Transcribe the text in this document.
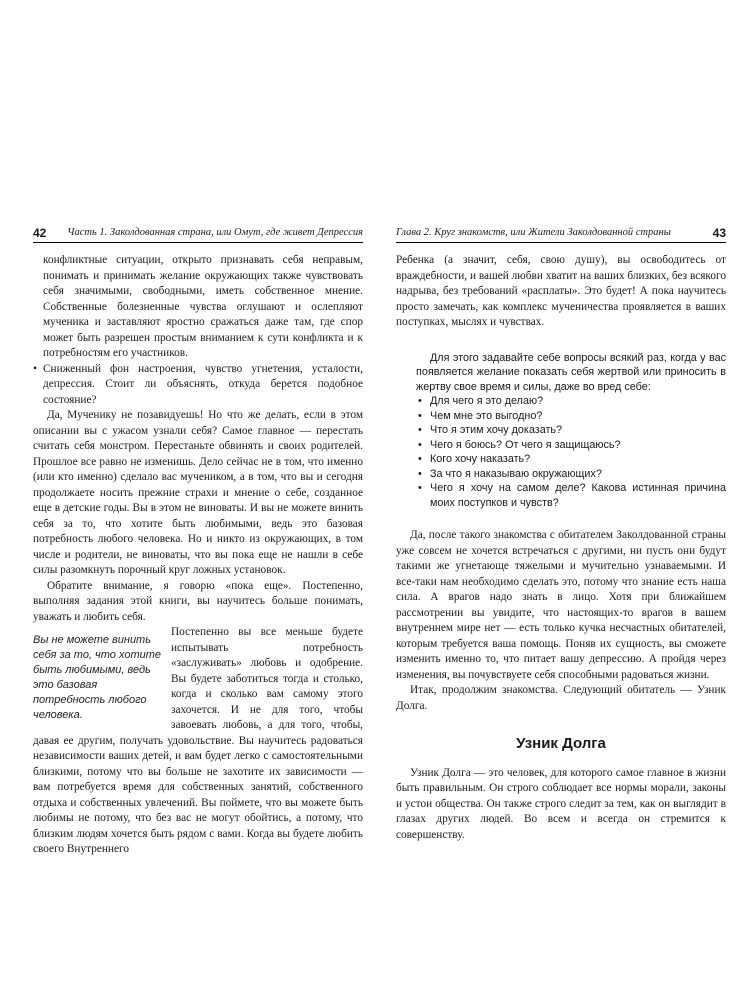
42 Часть 1. Заколдованная страна, или Омут, где живет Депрессия

конфликтные ситуации, открыто признавать себя неправым, понимать и принимать желание окружающих также чувствовать себя значимыми, свободными, иметь собственное мнение. Собственные болезненные чувства оглушают и ослепляют мученика и заставляют яростно сражаться даже там, где спор может быть разрешен простым вниманием к сути конфликта и к потребностям его участников.

• Сниженный фон настроения, чувство угнетения, усталости, депрессия. Стоит ли объяснять, откуда берется подобное состояние?

Да, Мученику не позавидуешь! Но что же делать, если в этом описании вы с ужасом узнали себя? Самое главное — перестать считать себя монстром. Перестаньте обвинять и своих родителей. Прошлое все равно не изменишь. Дело сейчас не в том, что именно (или кто именно) сделало вас мучеником, а в том, что вы и сегодня продолжаете носить прежние страхи и мнение о себе, созданное еще в детские годы. Вы в этом не виноваты. И вы не можете винить себя за то, что хотите быть любимыми, ведь это базовая потребность любого человека. Но и никто из окружающих, в том числе и родители, не виноваты, что вы пока еще не нашли в себе силы разомкнуть порочный круг ложных установок.

Обратите внимание, я говорю «пока еще». Постепенно, выполняя задания этой книги, вы научитесь больше понимать, уважать и любить себя.

Вы не можете винить себя за то, что хотите быть любимыми, ведь это базовая потребность любого человека.

Постепенно вы все меньше будете испытывать потребность «заслуживать» любовь и одобрение. Вы будете заботиться тогда и столько, когда и сколько вам самому этого захочется. И не для того, чтобы завоевать любовь, а для того, чтобы, давая ее другим, получать удовольствие. Вы научитесь радоваться независимости ваших детей, и вам будет легко с самостоятельными близкими, потому что вы больше не захотите их зависимости — вам потребуется время для собственных занятий, собственного отдыха и собственных увлечений. Вы поймете, что вы можете быть любимы не потому, что без вас не могут обойтись, а потому, что близким людям хочется быть рядом с вами. Когда вы будете любить своего Внутреннего

Глава 2. Круг знакомств, или Жители Заколдованной страны	43

Ребенка (а значит, себя, свою душу), вы освободитесь от враждебности, и вашей любви хватит на ваших близких, без всякого надрыва, без требований «расплаты». Это будет! А пока научитесь просто замечать, как комплекс мученичества проявляется в ваших поступках, мыслях и чувствах.

Для этого задавайте себе вопросы всякий раз, когда у вас появляется желание показать себя жертвой или приносить в жертву свое время и силы, даже во вред себе:

• Для чего я это делаю?
• Чем мне это выгодно?
• Что я этим хочу доказать?
• Чего я боюсь? От чего я защищаюсь?
• Кого хочу наказать?
• За что я наказываю окружающих?
• Чего я хочу на самом деле? Какова истинная причина моих поступков и чувств?

Да, после такого знакомства с обитателем Заколдованной страны уже совсем не хочется встречаться с другими, ни пусть они будут такими же угнетающе тяжелыми и мучительно узнаваемыми. И все-таки нам необходимо сделать это, потому что знание есть наша сила. А врагов надо знать в лицо. Хотя при ближайшем рассмотрении вы увидите, что настоящих-то врагов в вашем внутреннем мире нет — есть только кучка несчастных обитателей, которым требуется ваша помощь. Поняв их сущность, вы сможете изменить именно то, что питает вашу депрессию. А пройдя через изменения, вы почувствуете себя способными радоваться жизни.

Итак, продолжим знакомства. Следующий обитатель — Узник Долга.

Узник Долга

Узник Долга — это человек, для которого самое главное в жизни быть правильным. Он строго соблюдает все нормы морали, законы и устои общества. Он также строго следит за тем, как он выглядит в глазах других людей. Во всем и всегда он стремится к совершенству.
